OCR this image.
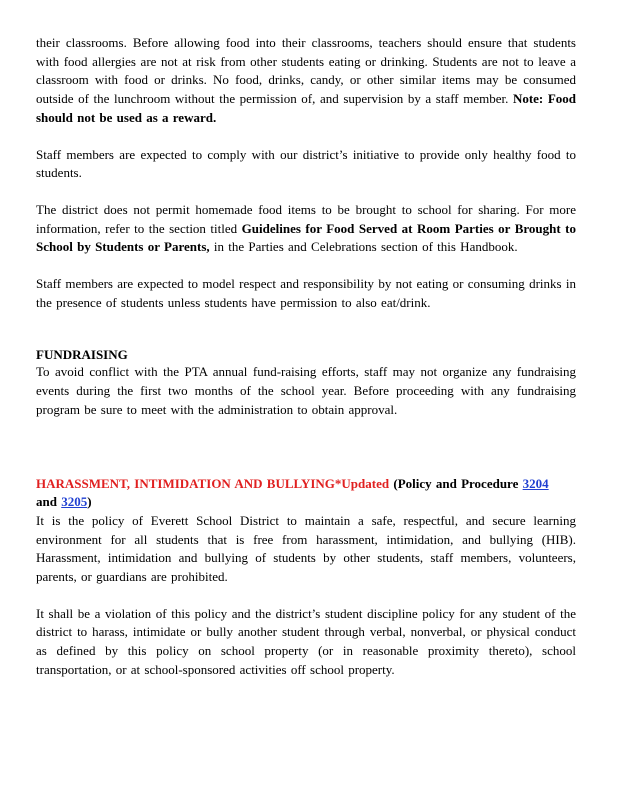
their classrooms. Before allowing food into their classrooms, teachers should ensure that students with food allergies are not at risk from other students eating or drinking. Students are not to leave a classroom with food or drinks. No food, drinks, candy, or other similar items may be consumed outside of the lunchroom without the permission of, and supervision by a staff member. Note: Food should not be used as a reward.

Staff members are expected to comply with our district’s initiative to provide only healthy food to students.

The district does not permit homemade food items to be brought to school for sharing. For more information, refer to the section titled Guidelines for Food Served at Room Parties or Brought to School by Students or Parents, in the Parties and Celebrations section of this Handbook.

Staff members are expected to model respect and responsibility by not eating or consuming drinks in the presence of students unless students have permission to also eat/drink.

FUNDRAISING

To avoid conflict with the PTA annual fund-raising efforts, staff may not organize any fundraising events during the first two months of the school year. Before proceeding with any fundraising program be sure to meet with the administration to obtain approval.

HARASSMENT, INTIMIDATION AND BULLYING*Updated (Policy and Procedure 3204
and 3205)

It is the policy of Everett School District to maintain a safe, respectful, and secure learning environment for all students that is free from harassment, intimidation, and bullying (HIB). Harassment, intimidation and bullying of students by other students, staff members, volunteers, parents, or guardians are prohibited.

It shall be a violation of this policy and the district’s student discipline policy for any student of the district to harass, intimidate or bully another student through verbal, nonverbal, or physical conduct as defined by this policy on school property (or in reasonable proximity thereto), school transportation, or at school-sponsored activities off school property.
